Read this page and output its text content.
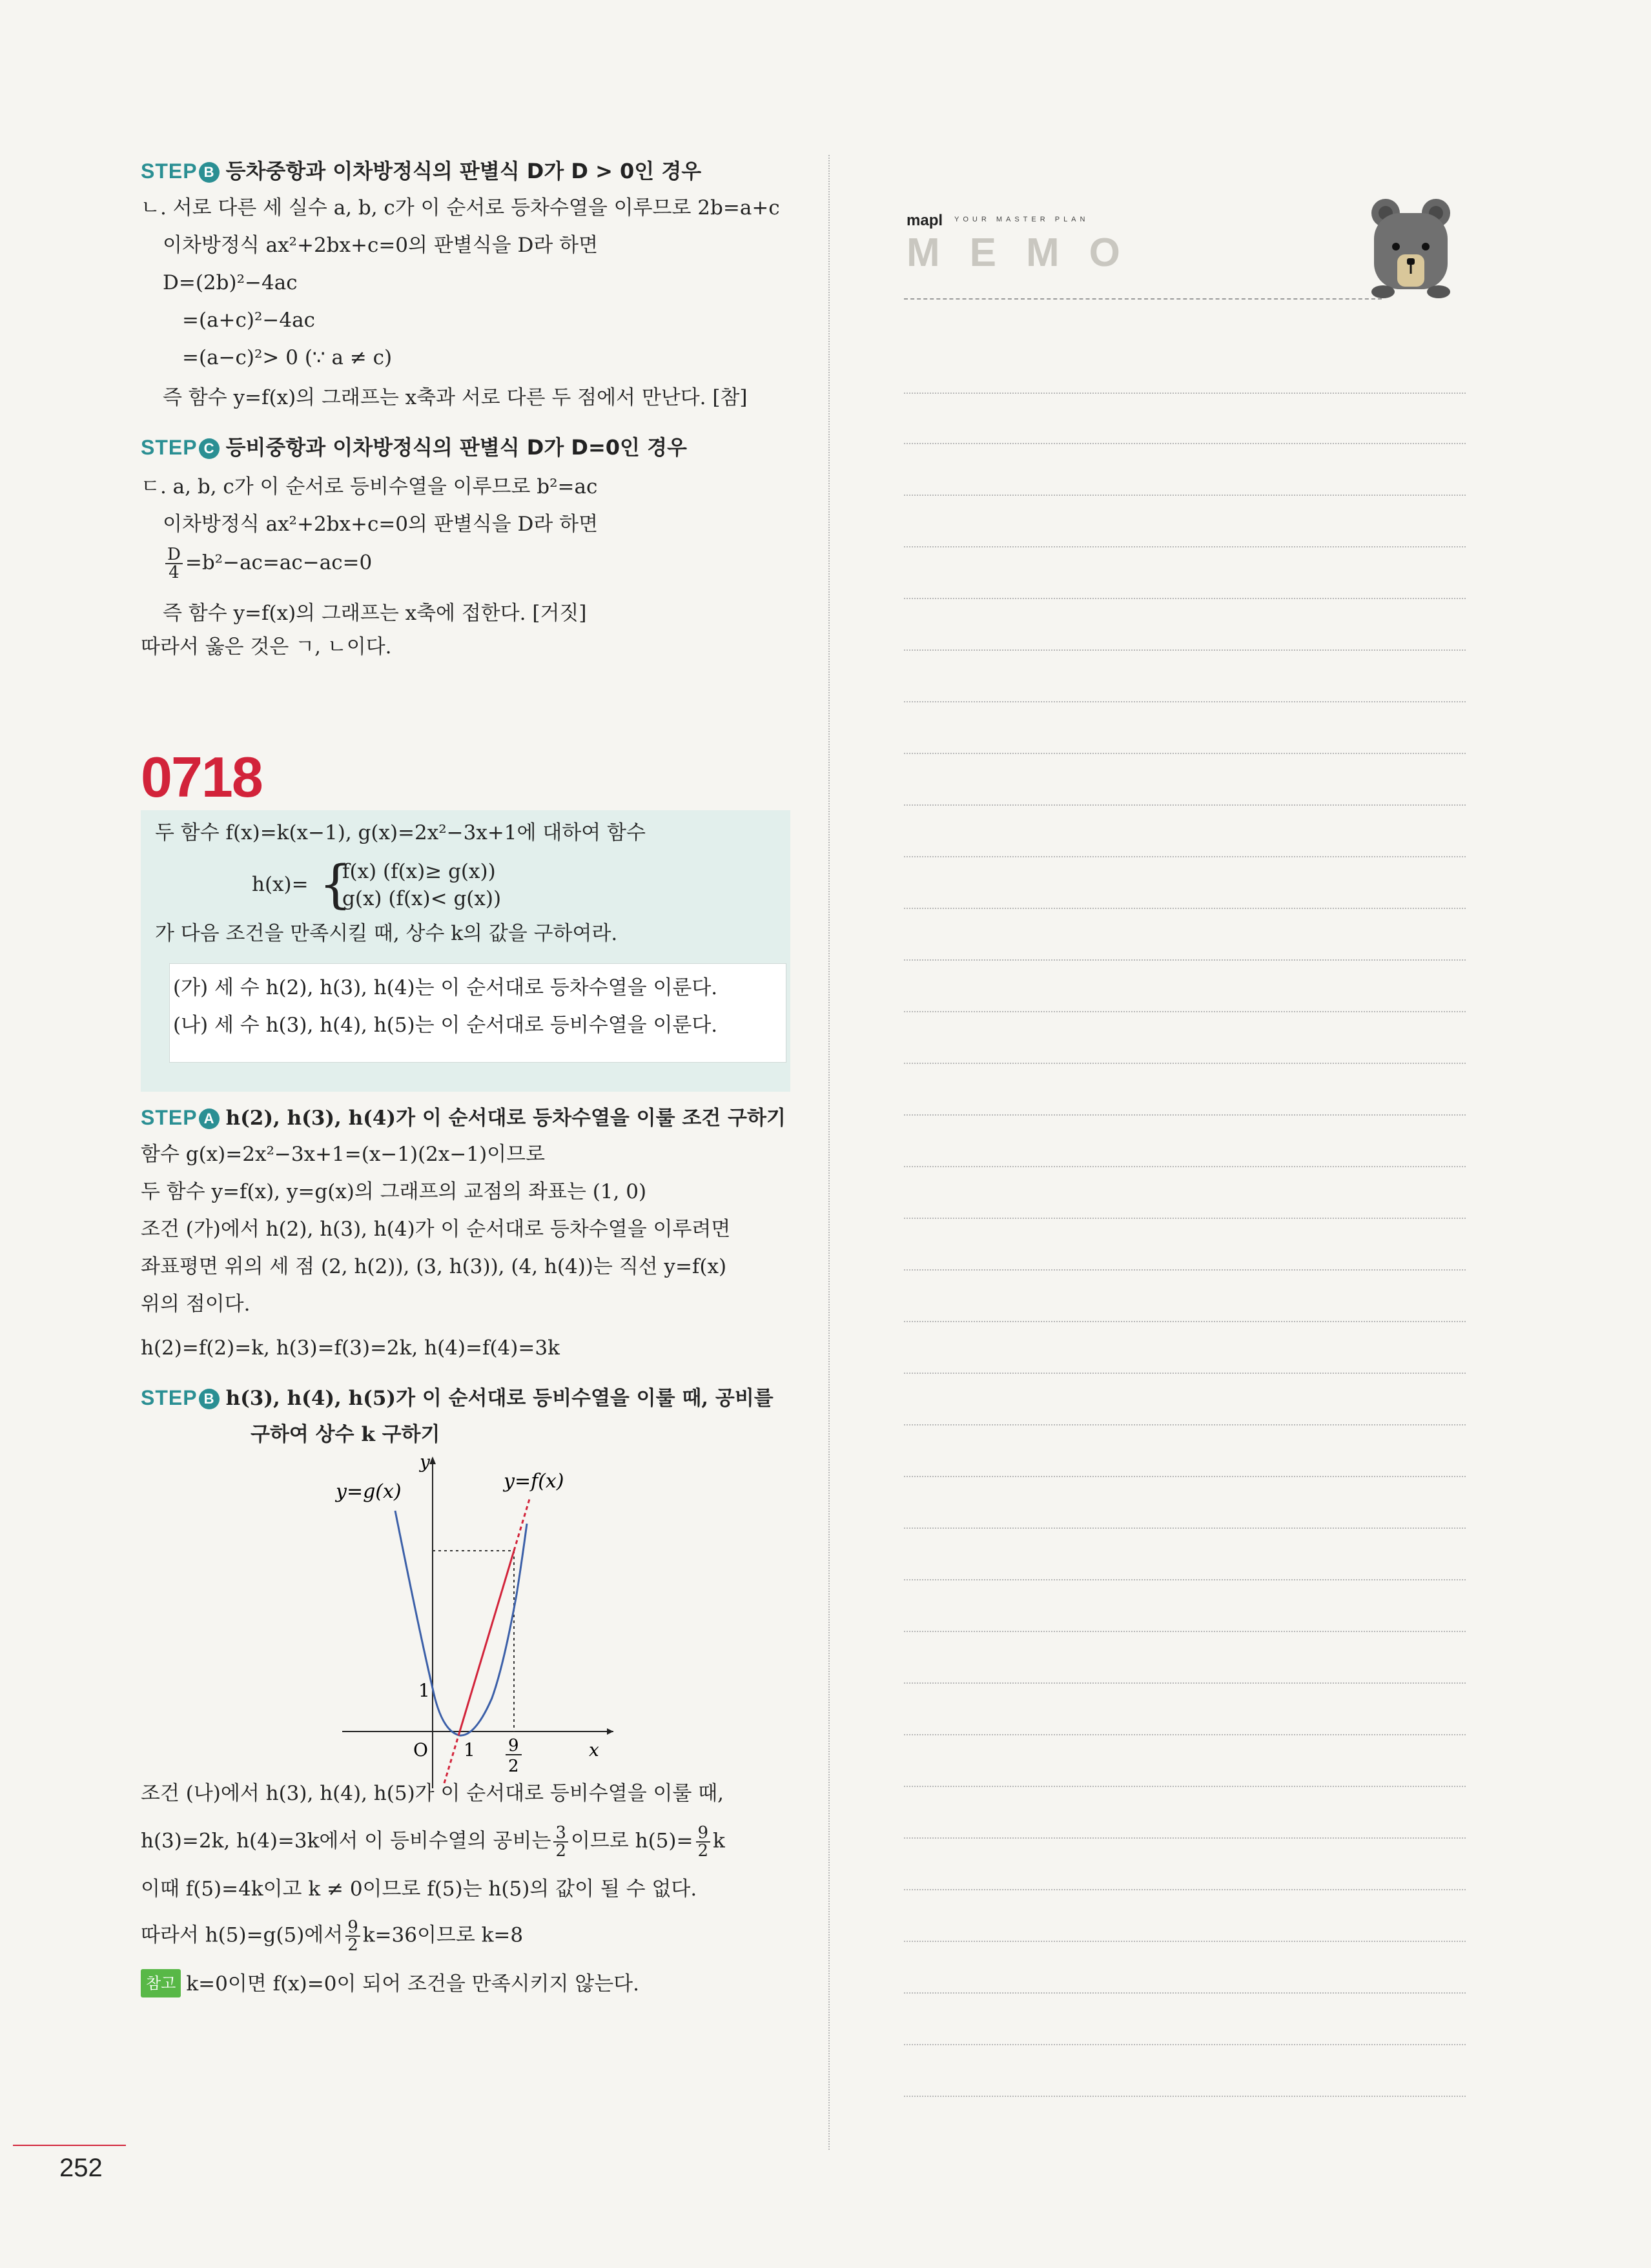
STEP B 등차중항과 이차방정식의 판별식 D가 D > 0인 경우
ㄴ. 서로 다른 세 실수 a, b, c가 이 순서로 등차수열을 이루므로 2b=a+c
이차방정식 ax²+2bx+c=0의 판별식을 D라 하면
D=(2b)²−4ac
=(a+c)²−4ac
=(a−c)²> 0 (∵ a ≠ c)
즉 함수 y=f(x)의 그래프는 x축과 서로 다른 두 점에서 만난다. [참]
STEP C 등비중항과 이차방정식의 판별식 D가 D=0인 경우
ㄷ. a, b, c가 이 순서로 등비수열을 이루므로 b²=ac
이차방정식 ax²+2bx+c=0의 판별식을 D라 하면
$\frac{D}{4} =b^2-ac=ac-ac=0$
즉 함수 y=f(x)의 그래프는 x축에 접한다. [거짓]
따라서 옳은 것은 ㄱ, ㄴ이다.
0718
두 함수 f(x)=k(x−1), g(x)=2x²−3x+1에 대하여 함수
h(x)= {
f(x) (f(x)≥ g(x))
g(x) (f(x)< g(x))
가 다음 조건을 만족시킬 때, 상수 k의 값을 구하여라.
(가) 세 수 h(2), h(3), h(4)는 이 순서대로 등차수열을 이룬다.
(나) 세 수 h(3), h(4), h(5)는 이 순서대로 등비수열을 이룬다.
STEP A h(2), h(3), h(4)가 이 순서대로 등차수열을 이룰 조건 구하기
함수 g(x)=2x²−3x+1=(x−1)(2x−1)이므로
두 함수 y=f(x), y=g(x)의 그래프의 교점의 좌표는 (1, 0)
조건 (가)에서 h(2), h(3), h(4)가 이 순서대로 등차수열을 이루려면
좌표평면 위의 세 점 (2, h(2)), (3, h(3)), (4, h(4))는 직선 y=f(x)
위의 점이다.
h(2)=f(2)=k, h(3)=f(3)=2k, h(4)=f(4)=3k
STEP B h(3), h(4), h(5)가 이 순서대로 등비수열을 이룰 때, 공비를
구하여 상수 k 구하기
y
x
O
1
1 9
2
y=g(x)	y=f(x)
조건 (나)에서 h(3), h(4), h(5)가 이 순서대로 등비수열을 이룰 때,
h(3)=2k, h(4)=3k에서 이 등비수열의 공비는 $\frac{3}{2}$ 이므로 $h(5)= \frac{9}{2}$ k
이때 f(5)=4k이고 k ≠ 0이므로 f(5)는 h(5)의 값이 될 수 없다.
따라서 h(5)=g(5)에서 $\frac{9}{2} k=36$이므로 k=8
참고 k=0이면 f(x)=0이 되어 조건을 만족시키지 않는다.
mapl YOUR MASTER PLAN
MEMO
252
